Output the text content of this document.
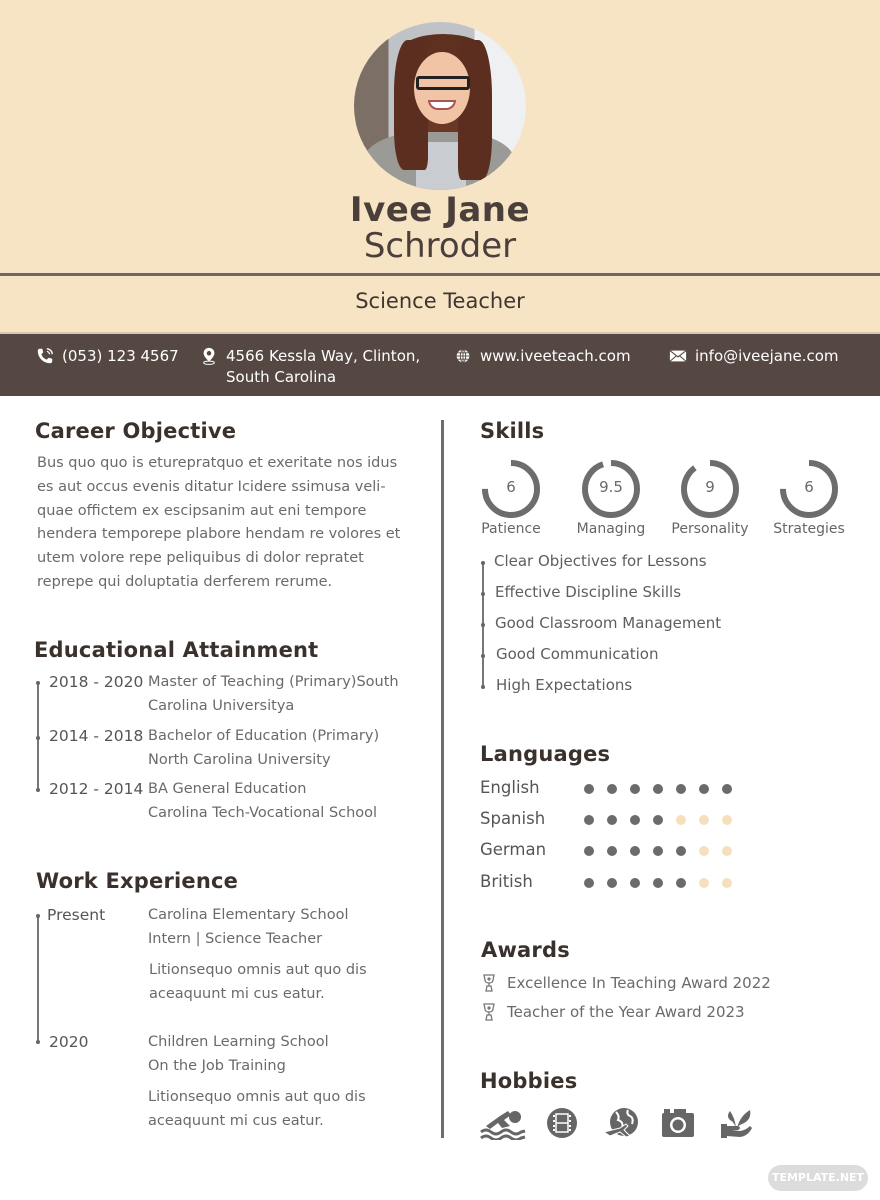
Ivee Jane
Schroder
Science Teacher
(053) 123 4567	4566 Kessla Way, Clinton,
South Carolina
www.iveeteach.com	info@iveejane.com
Career Objective
Bus quo quo is eturepratquo et exeritate nos idus
es aut occus evenis ditatur Icidere ssimusa veli-
quae offictem ex escipsanim aut eni tempore
hendera temporepe plabore hendam re volores et
utem volore repe peliquibus di dolor repratet
reprepe qui doluptatia derferem rerume.
Educational Attainment
2018 - 2020 Master of Teaching (Primary)South
Carolina Universitya
2014 - 2018 Bachelor of Education (Primary)
North Carolina University
2012 - 2014 BA General Education
Carolina Tech-Vocational School
Work Experience
Present	Carolina Elementary School
Intern | Science Teacher
Litionsequo omnis aut quo dis
aceaquunt mi cus eatur.
2020	Children Learning School
On the Job Training
Litionsequo omnis aut quo dis
aceaquunt mi cus eatur.
Skills
6
Patience
9.5
Managing
9
Personality
6
Strategies
Clear Objectives for Lessons
Effective Discipline Skills
Good Classroom Management
Good Communication
High Expectations
Languages
English
Spanish
German
British
Awards
Excellence In Teaching Award 2022
Teacher of the Year Award 2023
Hobbies
TEMPLATE.NET
